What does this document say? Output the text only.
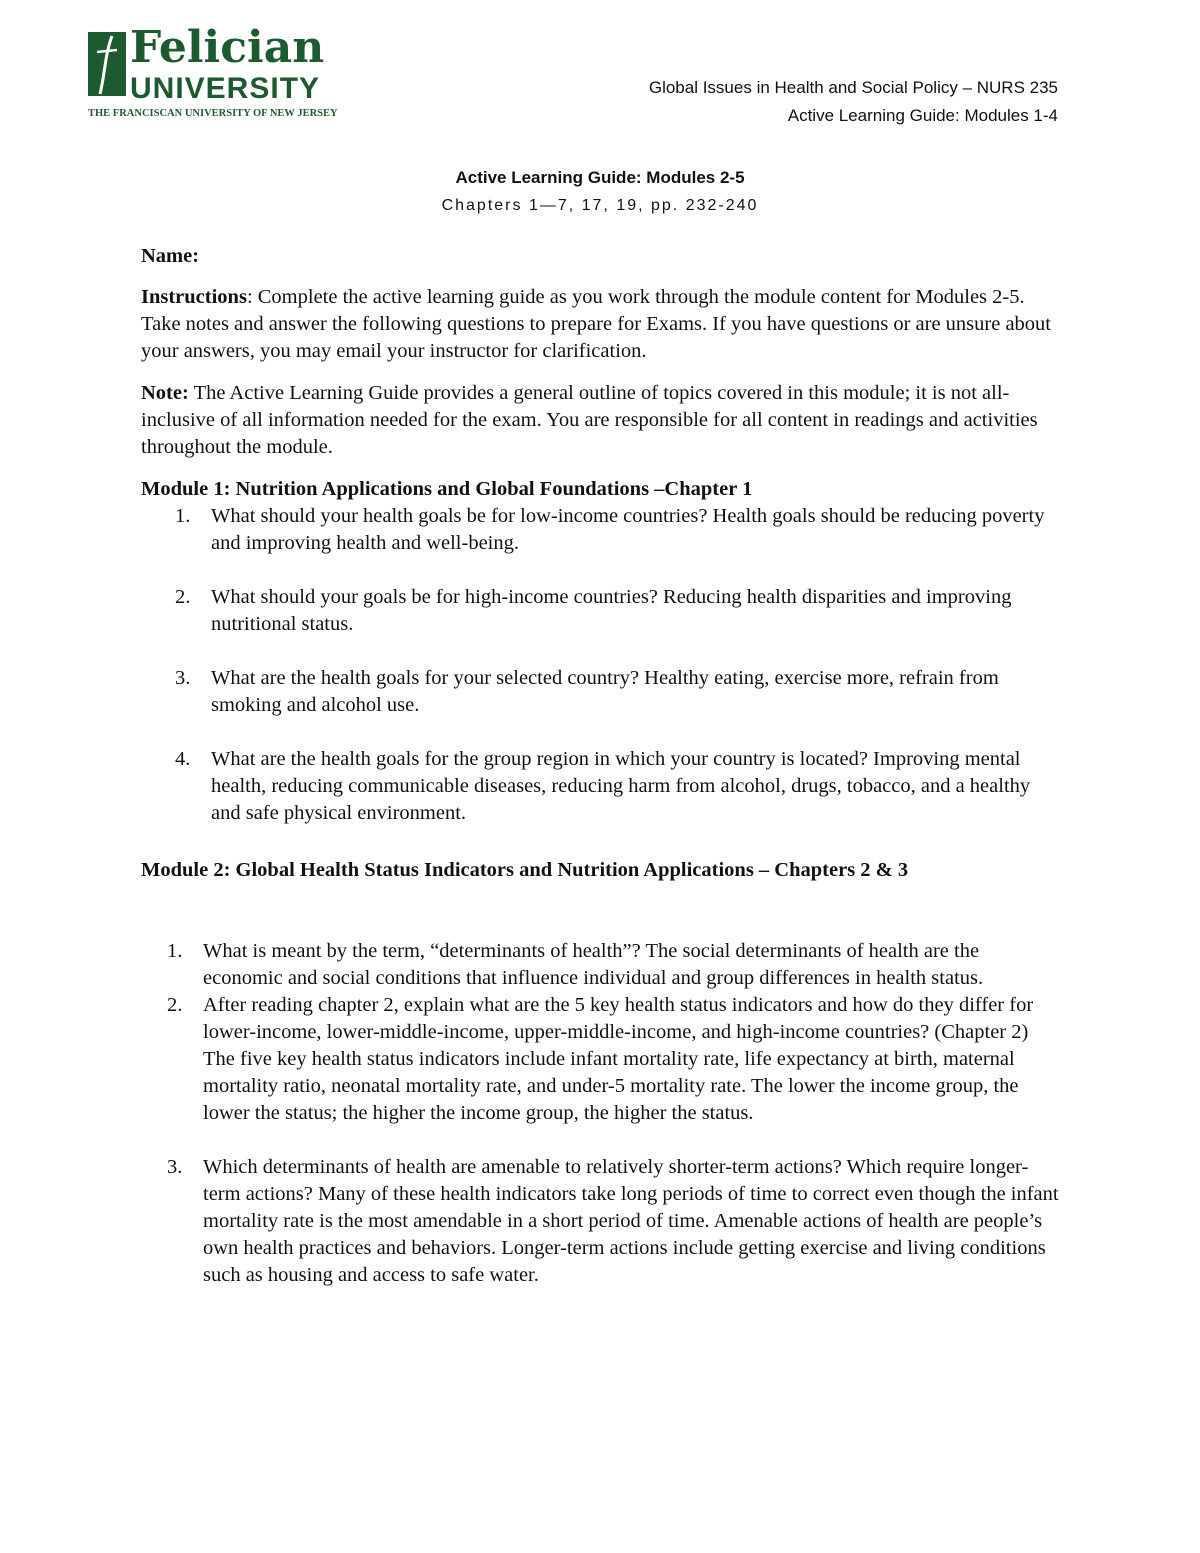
Felician
UNIVERSITY
THE FRANCISCAN UNIVERSITY OF NEW JERSEY
Global Issues in Health and Social Policy – NURS 235
Active Learning Guide: Modules 1-4
Active Learning Guide: Modules 2-5
Chapters 1—7, 17, 19, pp. 232-240

Name:

Instructions: Complete the active learning guide as you work through the module content for Modules 2-5. Take notes and answer the following questions to prepare for Exams. If you have questions or are unsure about your answers, you may email your instructor for clarification.

Note: The Active Learning Guide provides a general outline of topics covered in this module; it is not all-inclusive of all information needed for the exam. You are responsible for all content in readings and activities throughout the module.

Module 1: Nutrition Applications and Global Foundations –Chapter 1

1. What should your health goals be for low-income countries? Health goals should be reducing poverty and improving health and well-being.
2. What should your goals be for high-income countries? Reducing health disparities and improving nutritional status.
3. What are the health goals for your selected country? Healthy eating, exercise more, refrain from smoking and alcohol use.
4. What are the health goals for the group region in which your country is located? Improving mental health, reducing communicable diseases, reducing harm from alcohol, drugs, tobacco, and a healthy and safe physical environment.

Module 2: Global Health Status Indicators and Nutrition Applications – Chapters 2 & 3

1. What is meant by the term, “determinants of health”? The social determinants of health are the economic and social conditions that influence individual and group differences in health status.
2. After reading chapter 2, explain what are the 5 key health status indicators and how do they differ for lower-income, lower-middle-income, upper-middle-income, and high-income countries? (Chapter 2) The five key health status indicators include infant mortality rate, life expectancy at birth, maternal mortality ratio, neonatal mortality rate, and under-5 mortality rate. The lower the income group, the lower the status; the higher the income group, the higher the status.
3. Which determinants of health are amenable to relatively shorter-term actions? Which require longer-term actions? Many of these health indicators take long periods of time to correct even though the infant mortality rate is the most amendable in a short period of time. Amenable actions of health are people’s own health practices and behaviors. Longer-term actions include getting exercise and living conditions such as housing and access to safe water.
